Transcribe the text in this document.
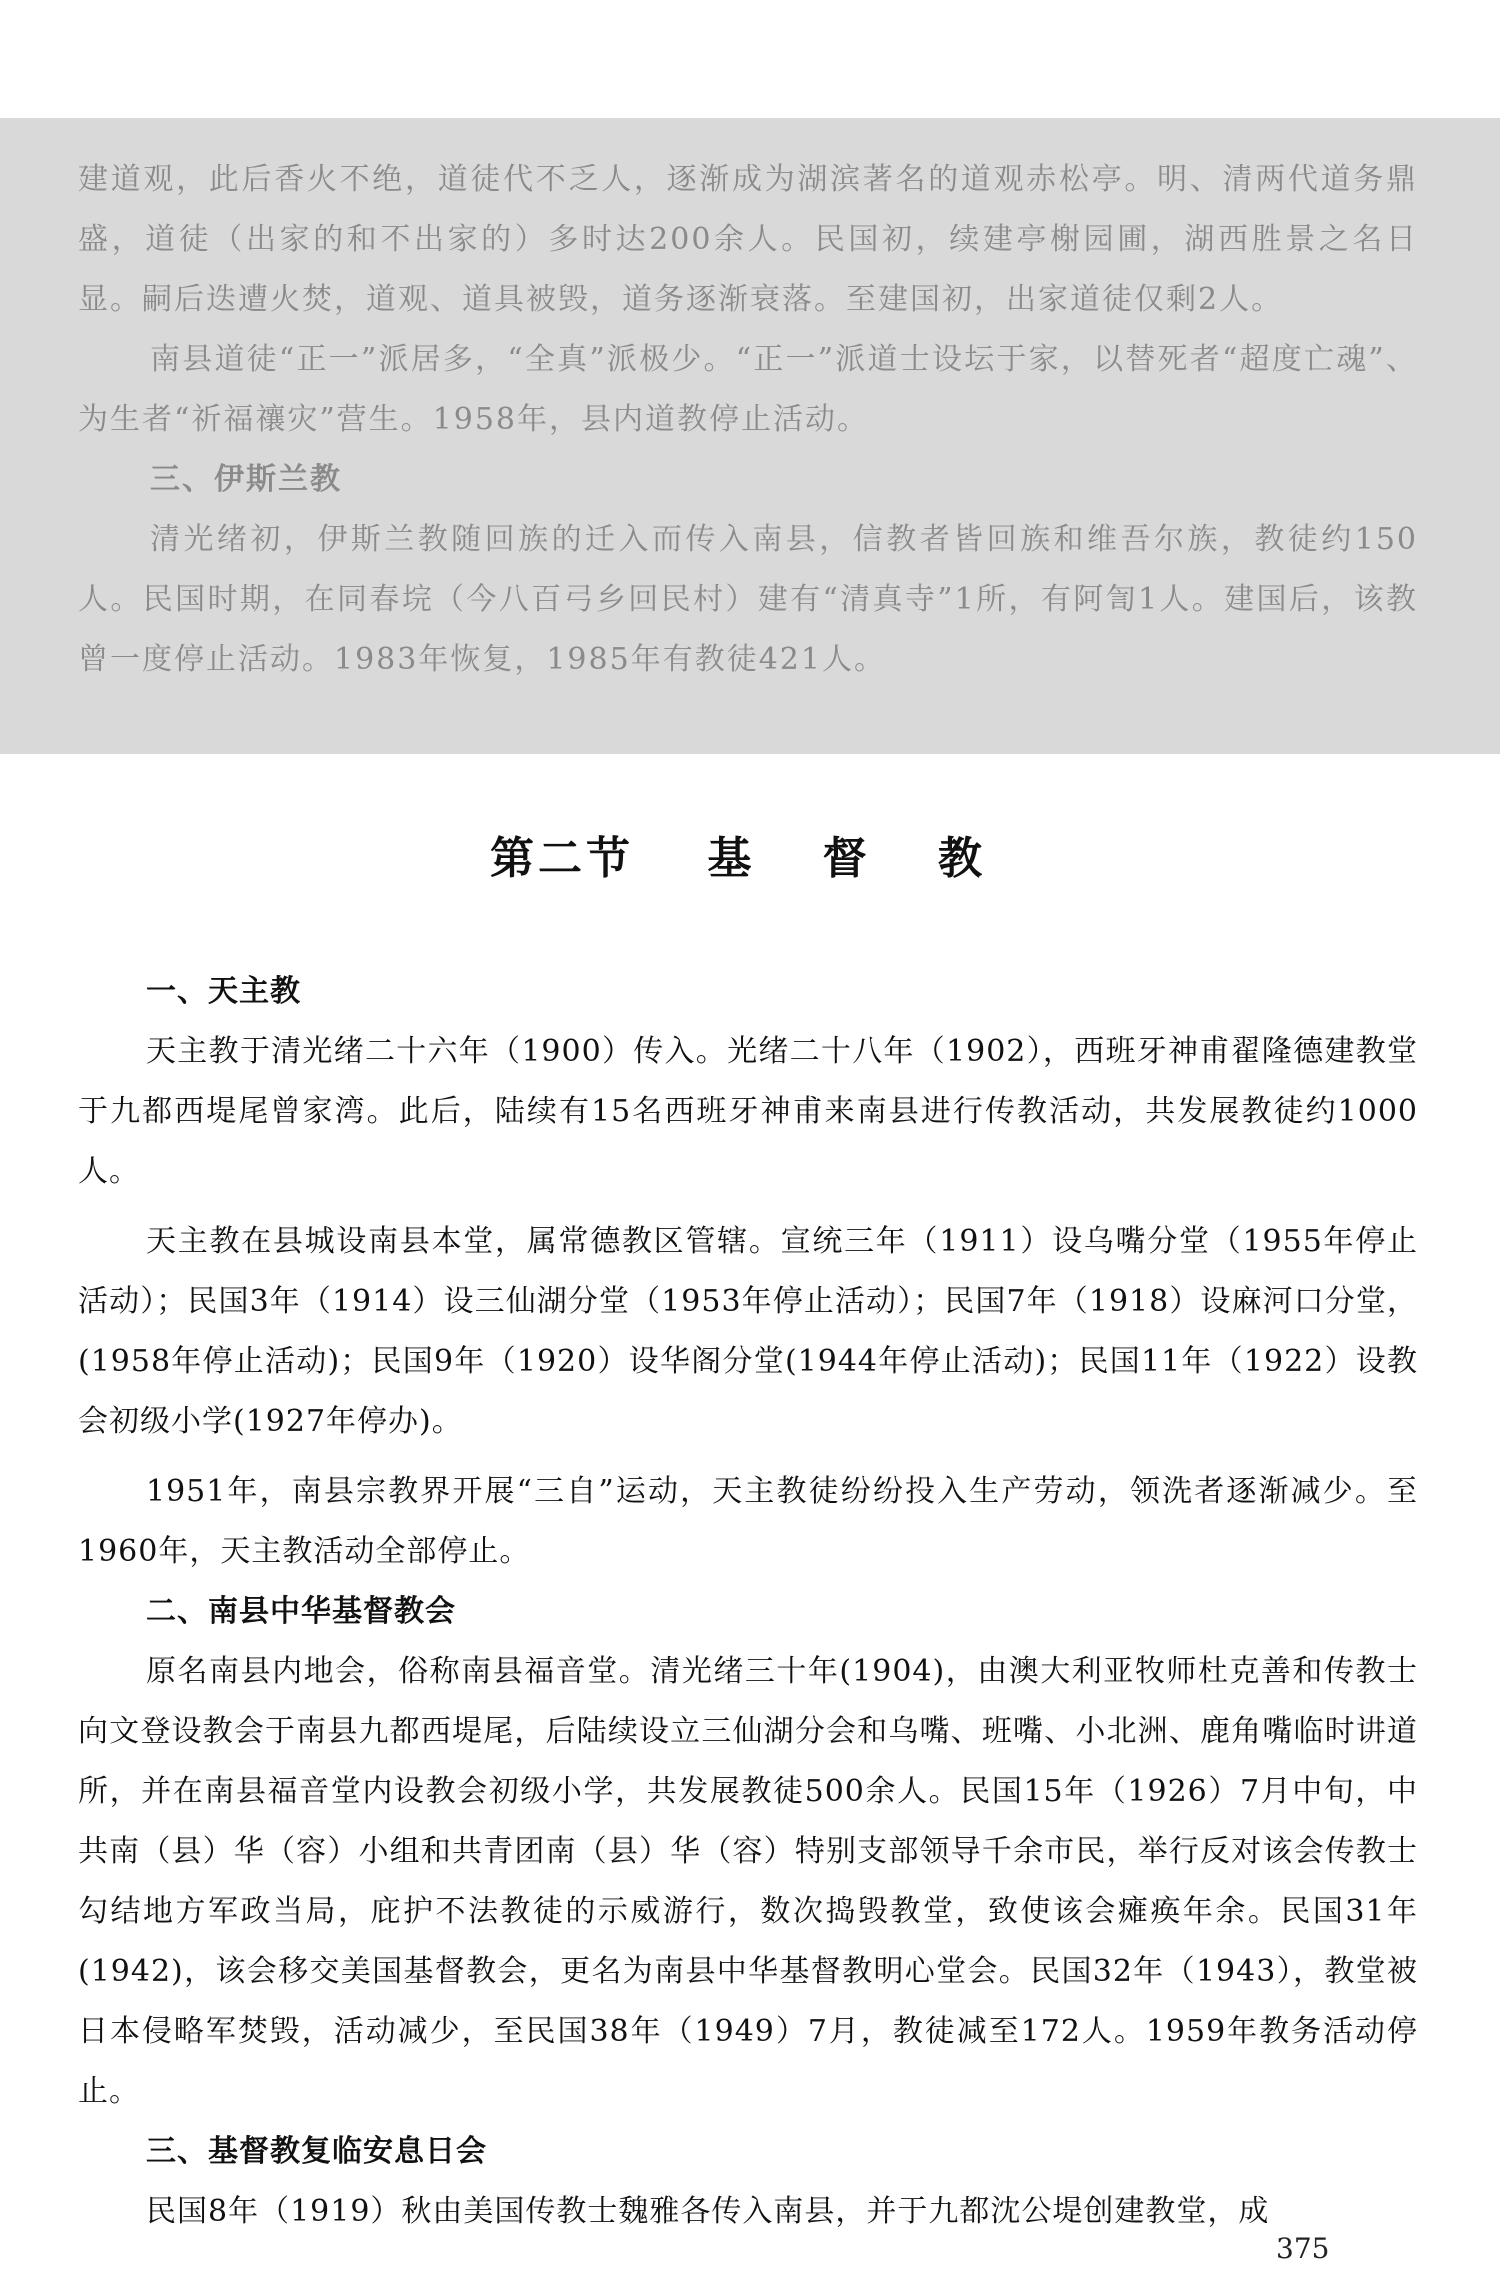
建道观，此后香火不绝，道徒代不乏人，逐渐成为湖滨著名的道观赤松亭。明、清两代道务鼎盛，道徒（出家的和不出家的）多时达200余人。民国初，续建亭榭园圃，湖西胜景之名日显。嗣后迭遭火焚，道观、道具被毁，道务逐渐衰落。至建国初，出家道徒仅剩2人。

南县道徒“正一”派居多，“全真”派极少。“正一”派道士设坛于家，以替死者“超度亡魂”、为生者“祈福禳灾”营生。1958年，县内道教停止活动。

三、伊斯兰教

清光绪初，伊斯兰教随回族的迁入而传入南县，信教者皆回族和维吾尔族，教徒约150人。民国时期，在同春垸（今八百弓乡回民村）建有“清真寺”1所，有阿訇1人。建国后，该教曾一度停止活动。1983年恢复，1985年有教徒421人。

第二节 基 督 教
一、天主教

天主教于清光绪二十六年（1900）传入。光绪二十八年（1902），西班牙神甫翟隆德建教堂于九都西堤尾曾家湾。此后，陆续有15名西班牙神甫来南县进行传教活动，共发展教徒约1000人。

天主教在县城设南县本堂，属常德教区管辖。宣统三年（1911）设乌嘴分堂（1955年停止活动）；民国3年（1914）设三仙湖分堂（1953年停止活动）；民国7年（1918）设麻河口分堂，(1958年停止活动)；民国9年（1920）设华阁分堂(1944年停止活动)；民国11年（1922）设教会初级小学(1927年停办)。

1951年，南县宗教界开展“三自”运动，天主教徒纷纷投入生产劳动，领洗者逐渐减少。至1960年，天主教活动全部停止。

二、南县中华基督教会

原名南县内地会，俗称南县福音堂。清光绪三十年(1904)，由澳大利亚牧师杜克善和传教士向文登设教会于南县九都西堤尾，后陆续设立三仙湖分会和乌嘴、班嘴、小北洲、鹿角嘴临时讲道所，并在南县福音堂内设教会初级小学，共发展教徒500余人。民国15年（1926）7月中旬，中共南（县）华（容）小组和共青团南（县）华（容）特别支部领导千余市民，举行反对该会传教士勾结地方军政当局，庇护不法教徒的示威游行，数次捣毁教堂，致使该会瘫痪年余。民国31年(1942)，该会移交美国基督教会，更名为南县中华基督教明心堂会。民国32年（1943），教堂被日本侵略军焚毁，活动减少，至民国38年（1949）7月，教徒减至172人。1959年教务活动停止。

三、基督教复临安息日会

民国8年（1919）秋由美国传教士魏雅各传入南县，并于九都沈公堤创建教堂，成

375
